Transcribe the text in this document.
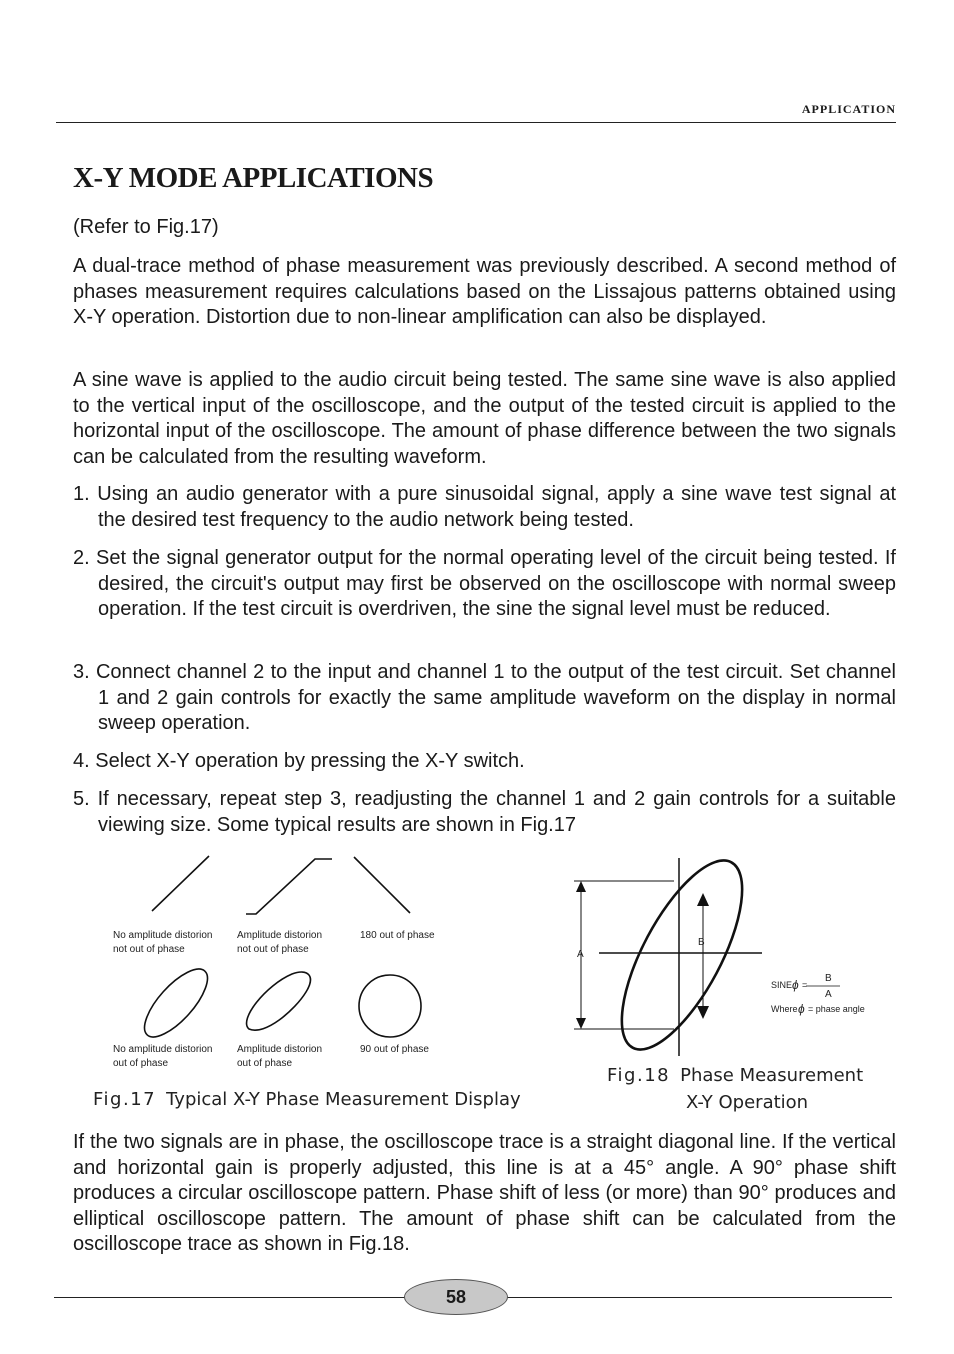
APPLICATION
X-Y MODE APPLICATIONS

(Refer to Fig.17)

A dual-trace method of phase measurement was previously described. A second method of phases measurement requires calculations based on the Lissajous patterns obtained using X-Y operation. Distortion due to non-linear amplification can also be displayed.

A sine wave is applied to the audio circuit being tested. The same sine wave is also applied to the vertical input of the oscilloscope, and the output of the tested circuit is applied to the horizontal input of the oscilloscope. The amount of phase difference between the two signals can be calculated from the resulting waveform.

1. Using an audio generator with a pure sinusoidal signal, apply a sine wave test signal at the desired test frequency to the audio network being tested.

2. Set the signal generator output for the normal operating level of the circuit being tested. If desired, the circuit's output may first be observed on the oscilloscope with normal sweep operation. If the test circuit is overdriven, the sine the signal level must be reduced.

3. Connect channel 2 to the input and channel 1 to the output of the test circuit. Set channel 1 and 2 gain controls for exactly the same amplitude waveform on the display in normal sweep operation.

4. Select X-Y operation by pressing the X-Y switch.

5. If necessary, repeat step 3, readjusting the channel 1 and 2 gain controls for a suitable viewing size. Some typical results are shown in Fig.17

No amplitude distorion
not out of phase
Amplitude distorion
not out of phase
180 out of phase
No amplitude distorion
out of phase
Amplitude distorion
out of phase
90 out of phase
A
B
SINE ϕ =
B
A
Where ϕ = phase angle
Fig.17 Typical X-Y Phase Measurement Display
Fig.18 Phase Measurement
X-Y Operation

If the two signals are in phase, the oscilloscope trace is a straight diagonal line. If the vertical and horizontal gain is properly adjusted, this line is at a 45° angle. A 90° phase shift produces a circular oscilloscope pattern. Phase shift of less (or more) than 90° produces and elliptical oscilloscope pattern. The amount of phase shift can be calculated from the oscilloscope trace as shown in Fig.18.

58
